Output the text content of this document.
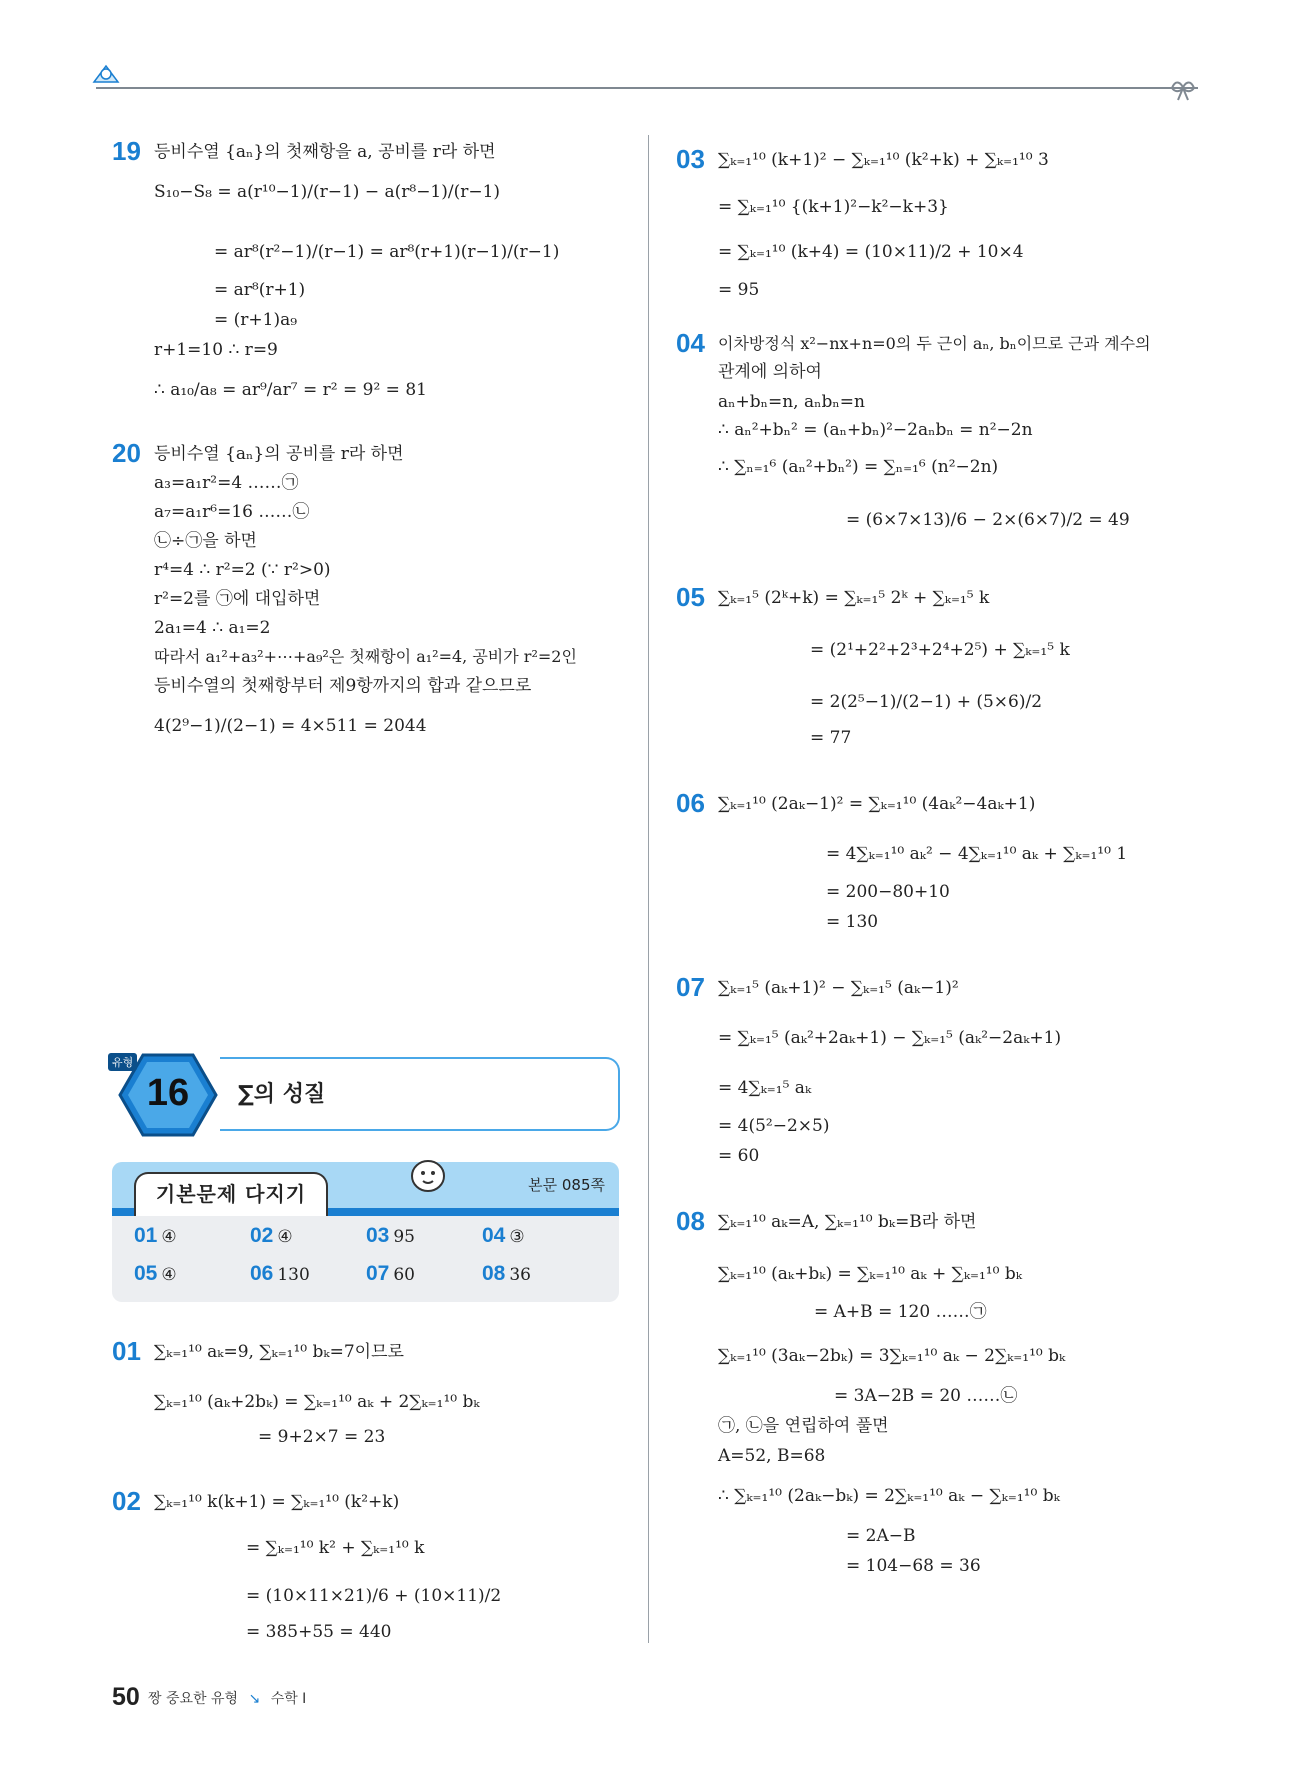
19 등비수열 {aₙ}의 첫째항을 a, 공비를 r라 하면
S₁₀−S₈ = a(r¹⁰−1)/(r−1) − a(r⁸−1)/(r−1)
= ar⁸(r²−1)/(r−1) = ar⁸(r+1)(r−1)/(r−1)
= ar⁸(r+1)
= (r+1)a₉
r+1=10 ∴ r=9
∴ a₁₀/a₈ = ar⁹/ar⁷ = r² = 9² = 81
20 등비수열 {aₙ}의 공비를 r라 하면
a₃=a₁r²=4 ……㉠
a₇=a₁r⁶=16 ……㉡
㉡÷㉠을 하면
r⁴=4 ∴ r²=2 (∵ r²>0)
r²=2를 ㉠에 대입하면
2a₁=4 ∴ a₁=2
따라서 a₁²+a₃²+⋯+a₉²은 첫째항이 a₁²=4, 공비가 r²=2인
등비수열의 첫째항부터 제9항까지의 합과 같으므로
4(2⁹−1)/(2−1) = 4×511 = 2044
유형
16	∑의 성질
기본문제 다지기	본문 085쪽
01 ④	02 ④	03 95	04 ③
05 ④	06 130	07 60	08 36
01 ∑ₖ₌₁¹⁰ aₖ=9, ∑ₖ₌₁¹⁰ bₖ=7이므로
∑ₖ₌₁¹⁰ (aₖ+2bₖ) = ∑ₖ₌₁¹⁰ aₖ + 2∑ₖ₌₁¹⁰ bₖ
= 9+2×7 = 23
02 ∑ₖ₌₁¹⁰ k(k+1) = ∑ₖ₌₁¹⁰ (k²+k)
= ∑ₖ₌₁¹⁰ k² + ∑ₖ₌₁¹⁰ k
= (10×11×21)/6 + (10×11)/2
= 385+55 = 440
03 ∑ₖ₌₁¹⁰ (k+1)² − ∑ₖ₌₁¹⁰ (k²+k) + ∑ₖ₌₁¹⁰ 3
= ∑ₖ₌₁¹⁰ {(k+1)²−k²−k+3}
= ∑ₖ₌₁¹⁰ (k+4) = (10×11)/2 + 10×4
= 95
04 이차방정식 x²−nx+n=0의 두 근이 aₙ, bₙ이므로 근과 계수의
관계에 의하여
aₙ+bₙ=n, aₙbₙ=n
∴ aₙ²+bₙ² = (aₙ+bₙ)²−2aₙbₙ = n²−2n
∴ ∑ₙ₌₁⁶ (aₙ²+bₙ²) = ∑ₙ₌₁⁶ (n²−2n)
= (6×7×13)/6 − 2×(6×7)/2 = 49
05 ∑ₖ₌₁⁵ (2ᵏ+k) = ∑ₖ₌₁⁵ 2ᵏ + ∑ₖ₌₁⁵ k
= (2¹+2²+2³+2⁴+2⁵) + ∑ₖ₌₁⁵ k
= 2(2⁵−1)/(2−1) + (5×6)/2
= 77
06 ∑ₖ₌₁¹⁰ (2aₖ−1)² = ∑ₖ₌₁¹⁰ (4aₖ²−4aₖ+1)
= 4∑ₖ₌₁¹⁰ aₖ² − 4∑ₖ₌₁¹⁰ aₖ + ∑ₖ₌₁¹⁰ 1
= 200−80+10
= 130
07 ∑ₖ₌₁⁵ (aₖ+1)² − ∑ₖ₌₁⁵ (aₖ−1)²
= ∑ₖ₌₁⁵ (aₖ²+2aₖ+1) − ∑ₖ₌₁⁵ (aₖ²−2aₖ+1)
= 4∑ₖ₌₁⁵ aₖ
= 4(5²−2×5)
= 60
08 ∑ₖ₌₁¹⁰ aₖ=A, ∑ₖ₌₁¹⁰ bₖ=B라 하면
∑ₖ₌₁¹⁰ (aₖ+bₖ) = ∑ₖ₌₁¹⁰ aₖ + ∑ₖ₌₁¹⁰ bₖ
= A+B = 120 ……㉠
∑ₖ₌₁¹⁰ (3aₖ−2bₖ) = 3∑ₖ₌₁¹⁰ aₖ − 2∑ₖ₌₁¹⁰ bₖ
= 3A−2B = 20 ……㉡
㉠, ㉡을 연립하여 풀면
A=52, B=68
∴ ∑ₖ₌₁¹⁰ (2aₖ−bₖ) = 2∑ₖ₌₁¹⁰ aₖ − ∑ₖ₌₁¹⁰ bₖ
= 2A−B
= 104−68 = 36
50 짱 중요한 유형 ↘ 수학 Ⅰ
